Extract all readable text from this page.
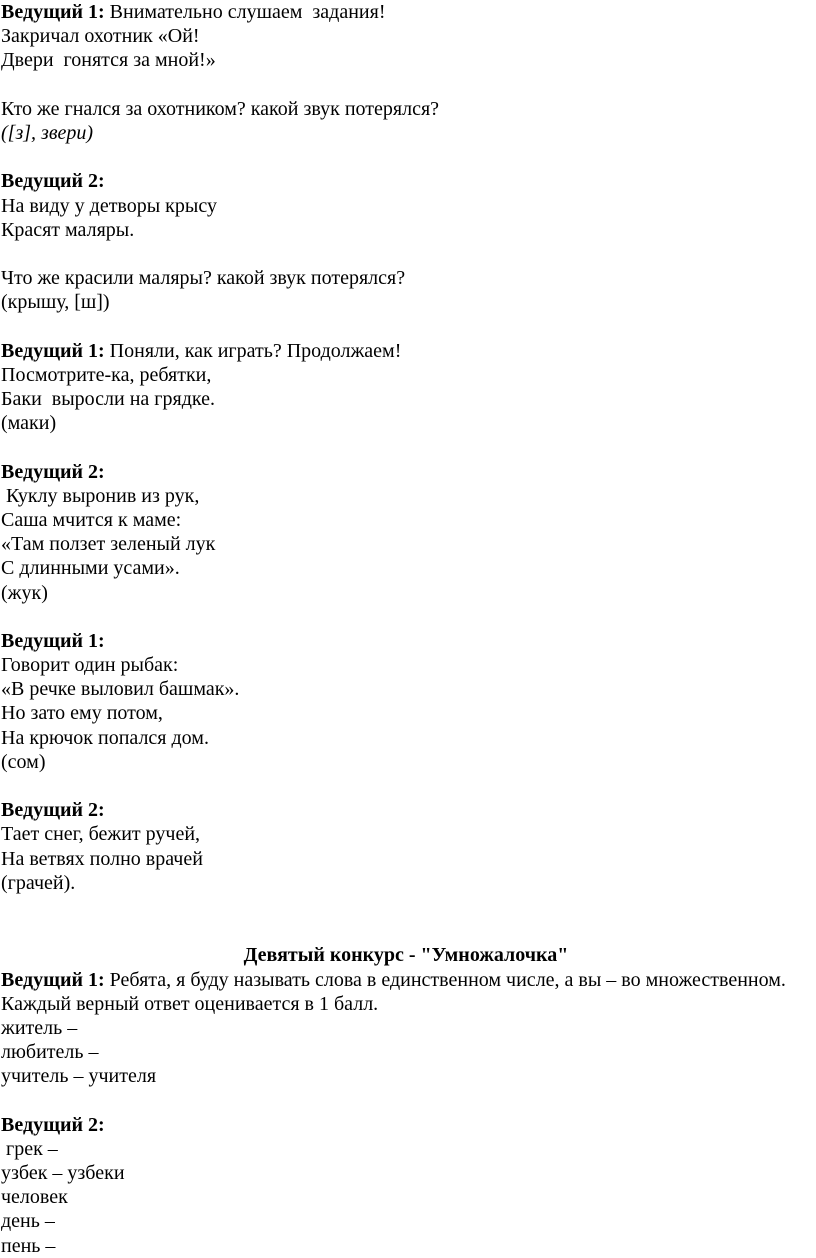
Ведущий 1: Внимательно слушаем  задания!
Закричал охотник «Ой!
Двери  гонятся за мной!»
Кто же гнался за охотником? какой звук потерялся?
([з], звери)
Ведущий 2:
На виду у детворы крысу
Красят маляры.
Что же красили маляры? какой звук потерялся?
(крышу, [ш])
Ведущий 1: Поняли, как играть? Продолжаем!
Посмотрите-ка, ребятки,
Баки  выросли на грядке.
(маки)
Ведущий 2:
Куклу выронив из рук,
Саша мчится к маме:
«Там ползет зеленый лук
С длинными усами».
(жук)
Ведущий 1:
Говорит один рыбак:
«В речке выловил башмак».
Но зато ему потом,
На крючок попался дом.
(сом)
Ведущий 2:
Тает снег, бежит ручей,
На ветвях полно врачей
(грачей).
Девятый конкурс - "Умножалочка"
Ведущий 1: Ребята, я буду называть слова в единственном числе, а вы – во множественном. Каждый верный ответ оценивается в 1 балл.
житель –
любитель –
учитель – учителя
Ведущий 2:
грек –
узбек – узбеки
человек
день –
пень –
